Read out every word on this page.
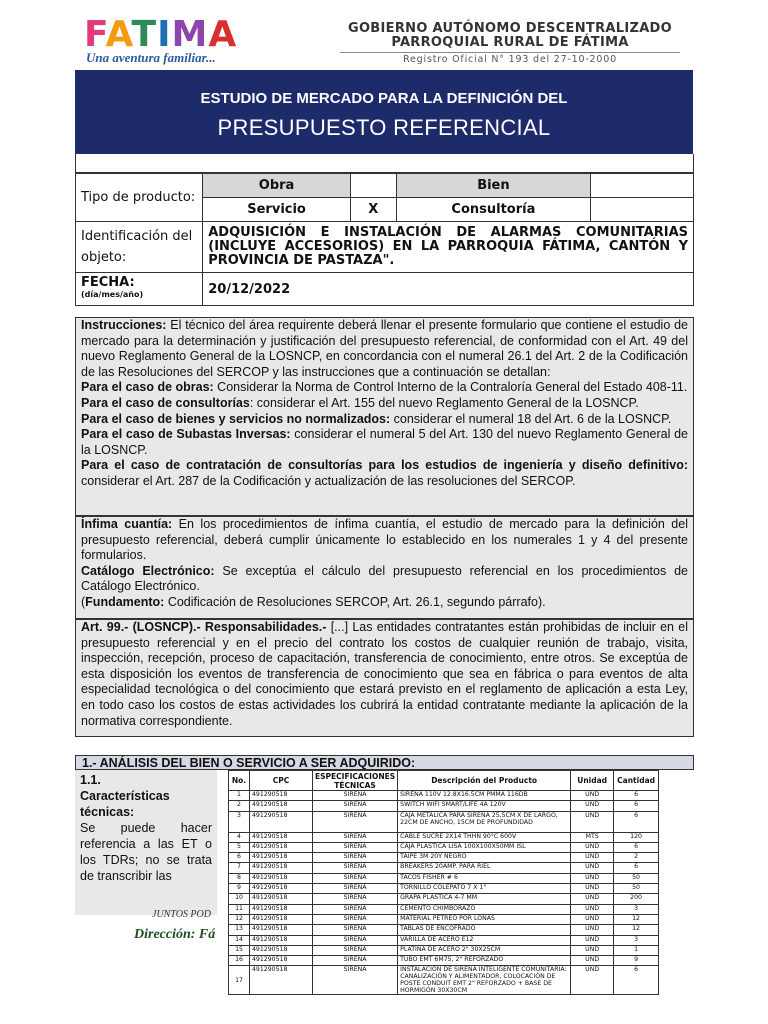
FATIMA
Una aventura familiar...
GOBIERNO AUTÓNOMO DESCENTRALIZADO
PARROQUIAL RURAL DE FÁTIMA
Registro Oficial N° 193 del 27-10-2000
ESTUDIO DE MERCADO PARA LA DEFINICIÓN DEL
PRESUPUESTO REFERENCIAL
Tipo de producto:	Obra		Bien	
	Servicio	X	Consultoría	
Identificación del objeto:	ADQUISICIÓN E INSTALACIÓN DE ALARMAS COMUNITARIAS (INCLUYE ACCESORIOS) EN LA PARROQUIA FÁTIMA, CANTÓN Y PROVINCIA DE PASTAZA".			

FECHA:
(día/mes/año)	20/12/2022			

Instrucciones: El técnico del área requirente deberá llenar el presente formulario que contiene el estudio de mercado para la determinación y justificación del presupuesto referencial, de conformidad con el Art. 49 del nuevo Reglamento General de la LOSNCP, en concordancia con el numeral 26.1 del Art. 2 de la Codificación de las Resoluciones del SERCOP y las instrucciones que a continuación se detallan:

Para el caso de obras: Considerar la Norma de Control Interno de la Contraloría General del Estado 408-11.

Para el caso de consultorías: considerar el Art. 155 del nuevo Reglamento General de la LOSNCP.

Para el caso de bienes y servicios no normalizados: considerar el numeral 18 del Art. 6 de la LOSNCP.

Para el caso de Subastas Inversas: considerar el numeral 5 del Art. 130 del nuevo Reglamento General de la LOSNCP.

Para el caso de contratación de consultorías para los estudios de ingeniería y diseño definitivo: considerar el Art. 287 de la Codificación y actualización de las resoluciones del SERCOP.

Ínfima cuantía: En los procedimientos de ínfima cuantía, el estudio de mercado para la definición del presupuesto referencial, deberá cumplir únicamente lo establecido en los numerales 1 y 4 del presente formularios.

Catálogo Electrónico: Se exceptúa el cálculo del presupuesto referencial en los procedimientos de Catálogo Electrónico.

(Fundamento: Codificación de Resoluciones SERCOP, Art. 26.1, segundo párrafo).

Art. 99.- (LOSNCP).- Responsabilidades.- [...] Las entidades contratantes están prohibidas de incluir en el presupuesto referencial y en el precio del contrato los costos de cualquier reunión de trabajo, visita, inspección, recepción, proceso de capacitación, transferencia de conocimiento, entre otros. Se exceptúa de esta disposición los eventos de transferencia de conocimiento que sea en fábrica o para eventos de alta especialidad tecnológica o del conocimiento que estará previsto en el reglamento de aplicación a esta Ley, en todo caso los costos de estas actividades los cubrirá la entidad contratante mediante la aplicación de la normativa correspondiente.

1.- ANÁLISIS DEL BIEN O SERVICIO A SER ADQUIRIDO:
1.1.
Características técnicas:
Se puede hacer referencia a las ET o los TDRs; no se trata de transcribir las
JUNTOS POD
Dirección: Fá
No.	CPC	ESPECIFICACIONES TÉCNICAS	Descripción del Producto	Unidad	Cantidad
1	491290518	SIRENA	SIRENA 110V 12.8X16.5CM PMMA 116DB	UND	6
2	491290518	SIRENA	SWITCH WIFI SMART/LIFE 4A 120V	UND	6
3	491290518	SIRENA	CAJA METÁLICA PARA SIRENA 25,5CM X DE LARGO, 22CM DE ANCHO, 15CM DE PROFUNDIDAD	UND	6
4	491290518	SIRENA	CABLE SUCRE 2X14 THHN 90°C 600V	MTS	120
5	491290518	SIRENA	CAJA PLÁSTICA LISA 100X100X50MM ISL	UND	6
6	491290518	SIRENA	TAIPE 3M 20Y NEGRO	UND	2
7	491290518	SIRENA	BREAKERS 20AMP. PARA RIEL	UND	6
8	491290518	SIRENA	TACOS FISHER # 6	UND	50
9	491290518	SIRENA	TORNILLO COLEPATO 7 X 1"	UND	50
10	491290518	SIRENA	GRAPA PLÁSTICA 4-7 MM	UND	200
11	491290518	SIRENA	CEMENTO CHIMBORAZO	UND	3
12	491290518	SIRENA	MATERIAL PÉTREO POR LONAS	UND	12
13	491290518	SIRENA	TABLAS DE ENCOFRADO	UND	12
14	491290518	SIRENA	VARILLA DE ACERO E12	UND	3
15	491290518	SIRENA	PLATINA DE ACERO 2" 30X25CM	UND	1
16	491290518	SIRENA	TUBO EMT 6M75, 2" REFORZADO	UND	9
17	491290518	SIRENA	INSTALACIÓN DE SIRENA INTELIGENTE COMUNITARIA: CANALIZACIÓN Y ALIMENTADOR, COLOCACIÓN DE POSTE CONDUIT EMT 2" REFORZADO + BASE DE HORMIGÓN 30X30CM	UND	6
